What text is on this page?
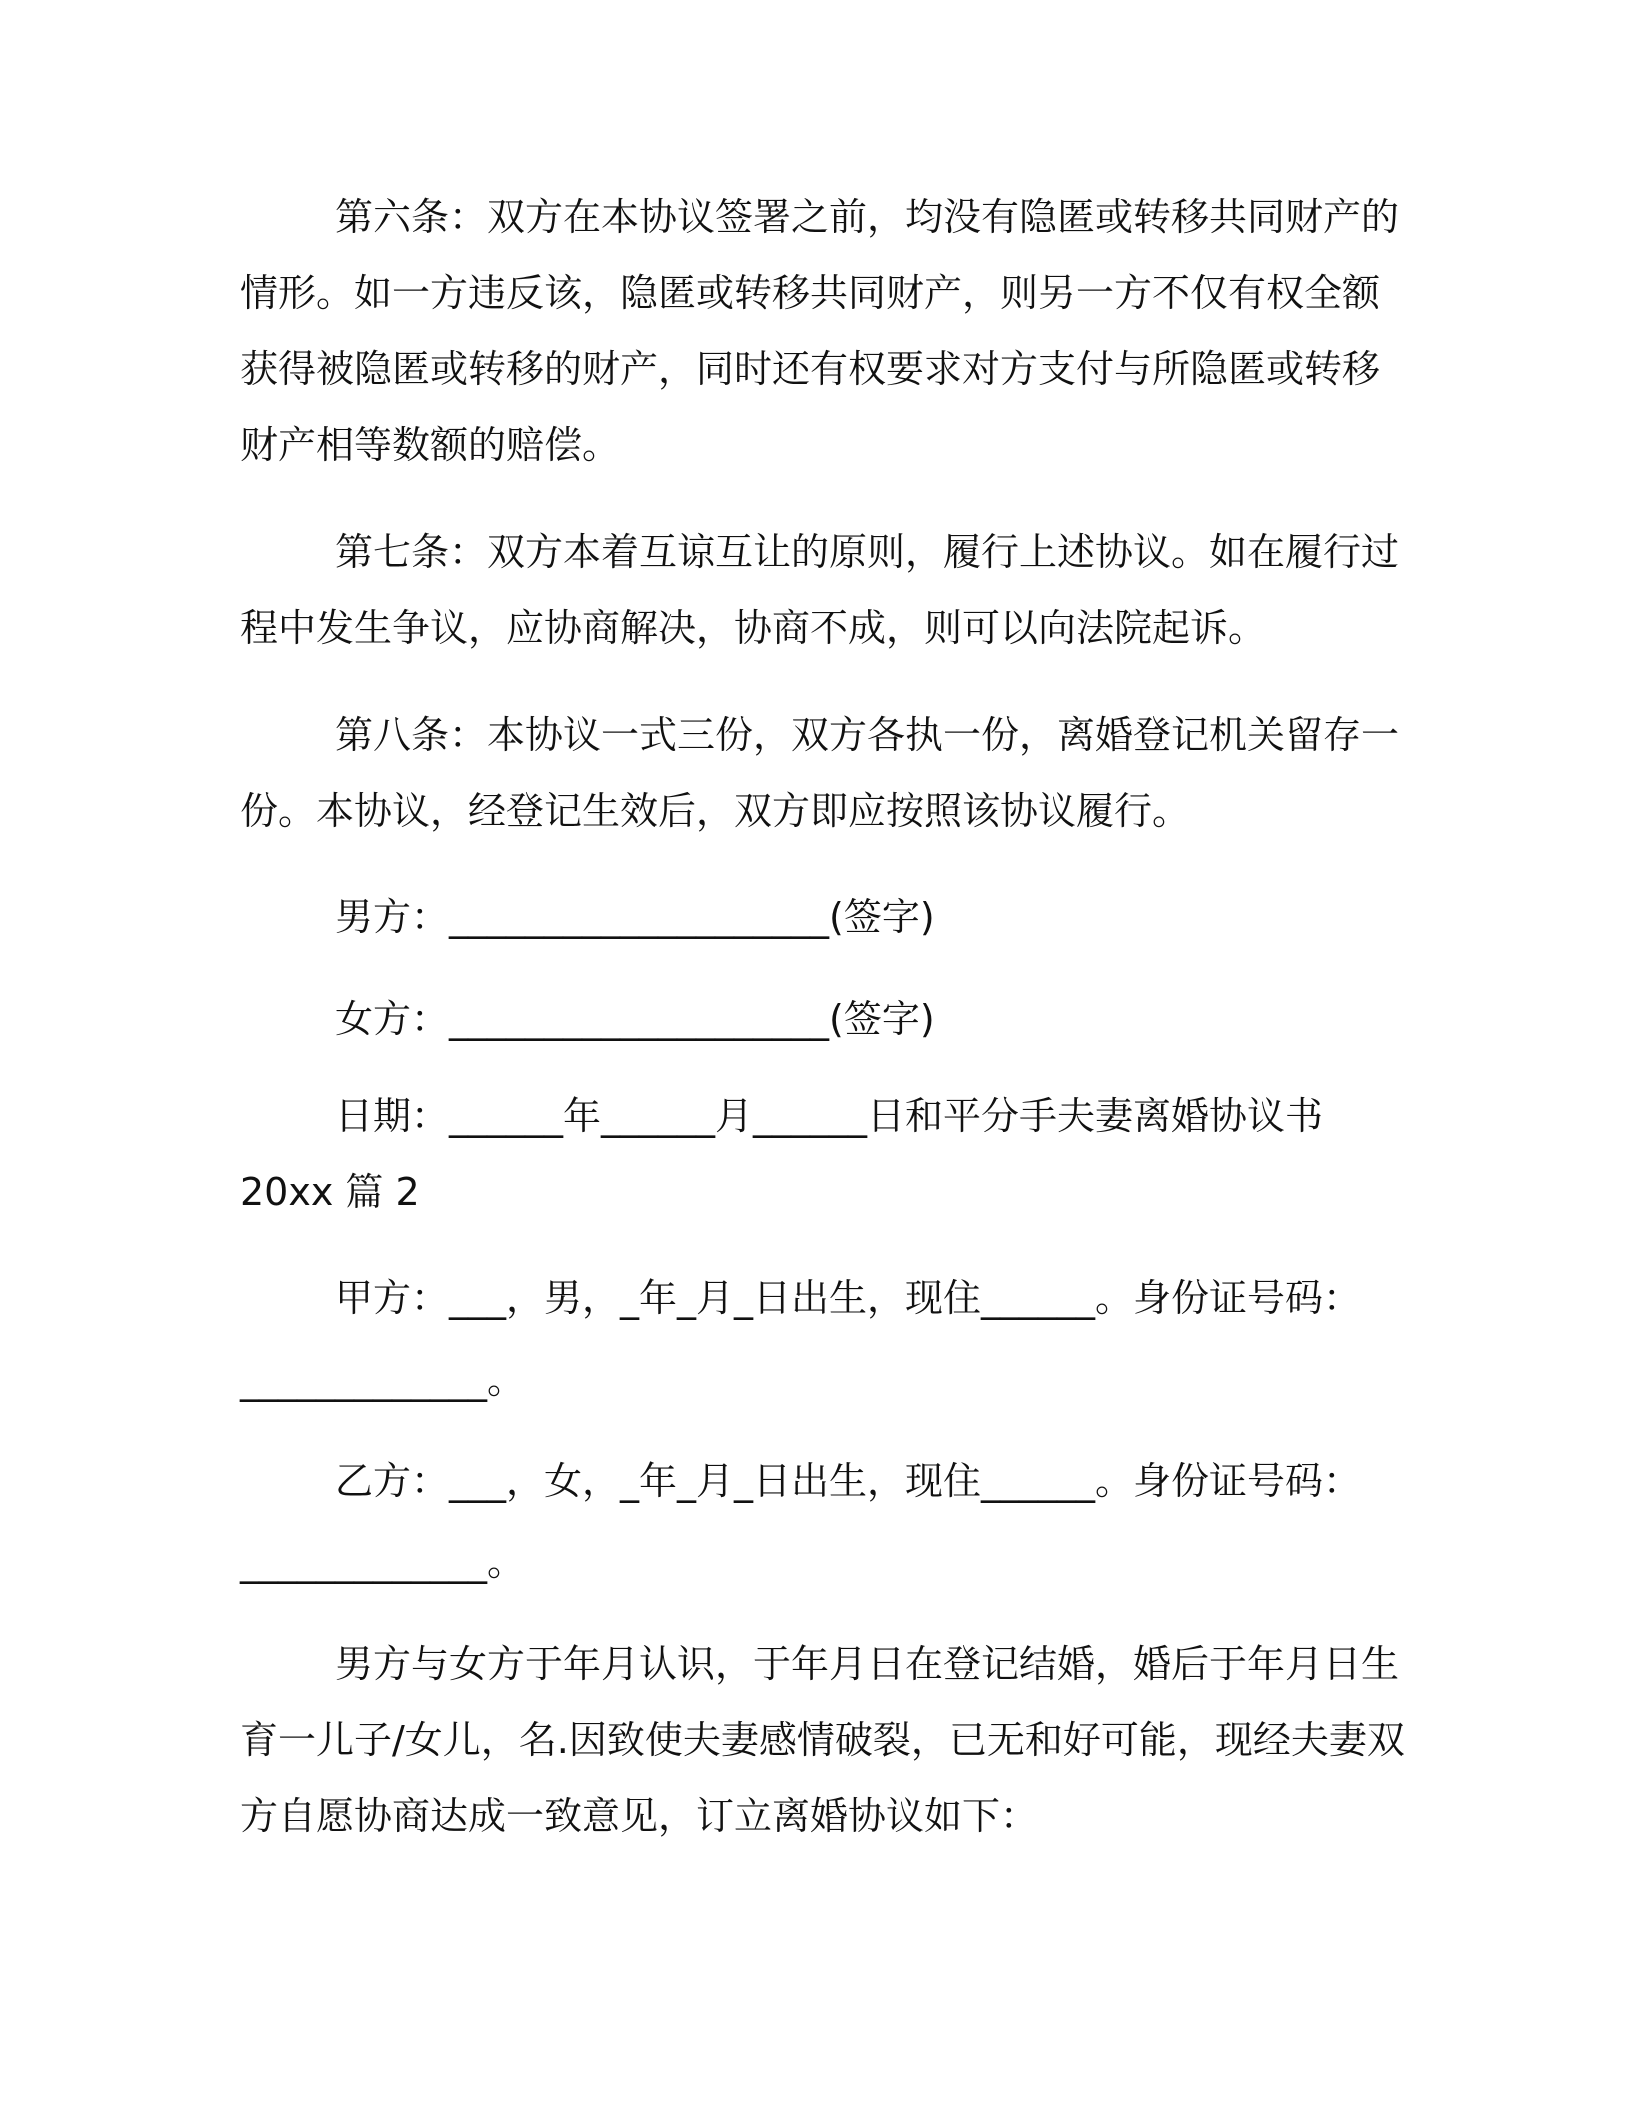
第六条：双方在本协议签署之前，均没有隐匿或转移共同财产的
情形。如一方违反该，隐匿或转移共同财产，则另一方不仅有权全额
获得被隐匿或转移的财产，同时还有权要求对方支付与所隐匿或转移
财产相等数额的赔偿。
第七条：双方本着互谅互让的原则，履行上述协议。如在履行过
程中发生争议，应协商解决，协商不成，则可以向法院起诉。
第八条：本协议一式三份，双方各执一份，离婚登记机关留存一
份。本协议，经登记生效后，双方即应按照该协议履行。
男方：____________________(签字)
女方：____________________(签字)
日期：______年______月______日和平分手夫妻离婚协议书
20xx 篇 2
甲方：___，男，_年_月_日出生，现住______。身份证号码：
_____________。
乙方：___，女，_年_月_日出生，现住______。身份证号码：
_____________。
男方与女方于年月认识，于年月日在登记结婚，婚后于年月日生
育一儿子/女儿，名.因致使夫妻感情破裂，已无和好可能，现经夫妻双
方自愿协商达成一致意见，订立离婚协议如下：
